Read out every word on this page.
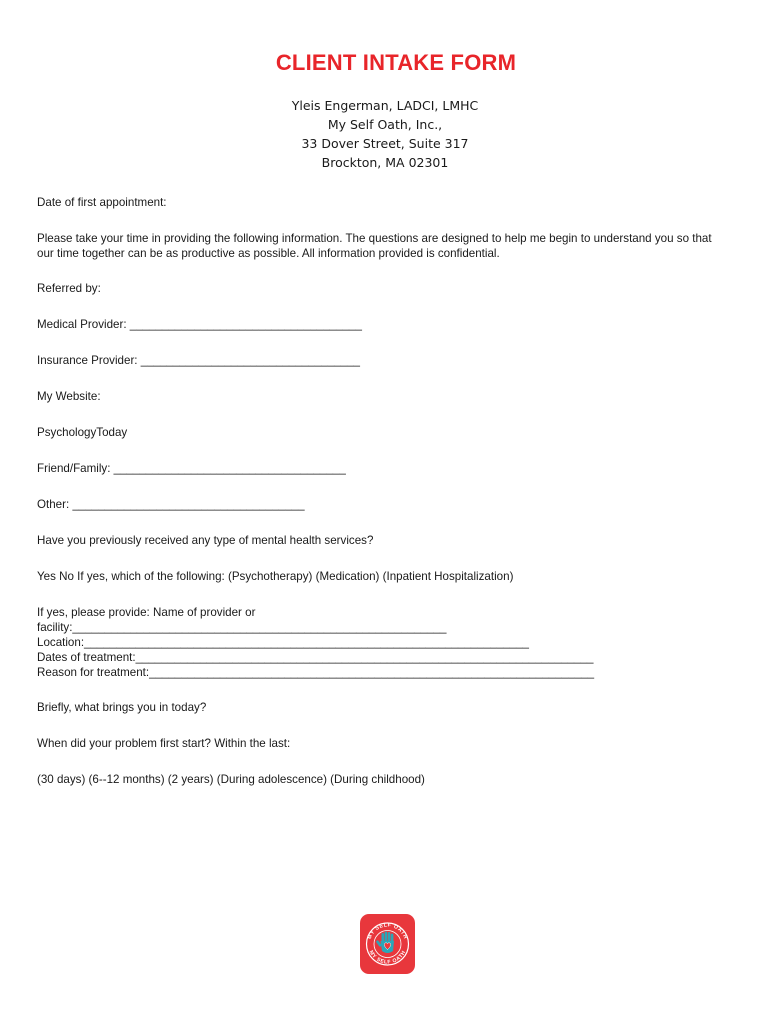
CLIENT INTAKE FORM
Yleis Engerman, LADCI, LMHC
My Self Oath, Inc.,
33 Dover Street, Suite 317
Brockton, MA 02301
Date of first appointment:
Please take your time in providing the following information. The questions are designed to help me begin to understand you so that our time together can be as productive as possible. All information provided is confidential.
Referred by:
Medical Provider: ____________________________________
Insurance Provider: __________________________________
My Website:
PsychologyToday
Friend/Family: ____________________________________
Other: ____________________________________
Have you previously received any type of mental health services?
Yes No If yes, which of the following: (Psychotherapy) (Medication) (Inpatient Hospitalization)
If yes, please provide: Name of provider or
facility:__________________________________________________________
Location:_____________________________________________________________________
Dates of treatment:_______________________________________________________________________
Reason for treatment:_____________________________________________________________________
Briefly, what brings you in today?
When did your problem first start? Within the last:
(30 days) (6--12 months) (2 years) (During adolescence) (During childhood)
MY SELF OATH
MY SELF OATH
